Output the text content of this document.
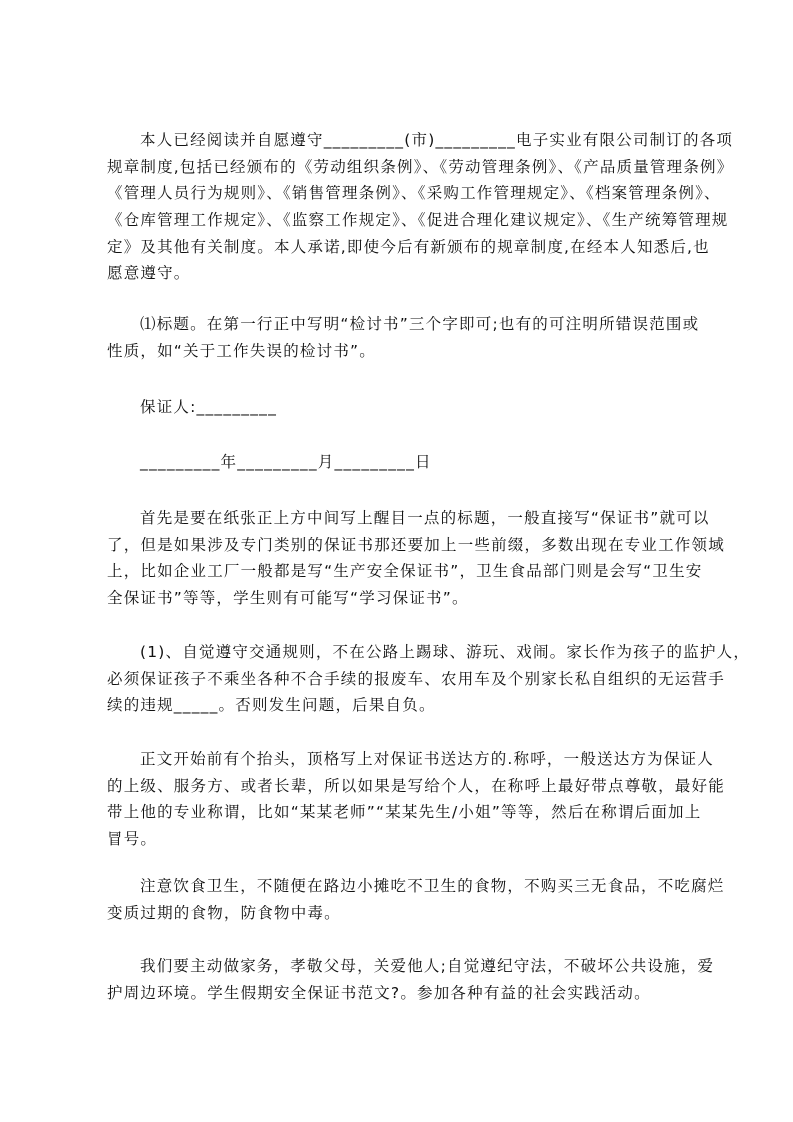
本人已经阅读并自愿遵守_________(市)_________电子实业有限公司制订的各项
规章制度,包括已经颁布的《劳动组织条例》、《劳动管理条例》、《产品质量管理条例》
《管理人员行为规则》、《销售管理条例》、《采购工作管理规定》、《档案管理条例》、
《仓库管理工作规定》、《监察工作规定》、《促进合理化建议规定》、《生产统筹管理规
定》及其他有关制度。本人承诺,即使今后有新颁布的规章制度,在经本人知悉后,也
愿意遵守。
⑴标题。在第一行正中写明“检讨书”三个字即可;也有的可注明所错误范围或
性质，如“关于工作失误的检讨书”。
保证人:_________
_________年_________月_________日
首先是要在纸张正上方中间写上醒目一点的标题，一般直接写“保证书”就可以
了，但是如果涉及专门类别的保证书那还要加上一些前缀，多数出现在专业工作领域
上，比如企业工厂一般都是写“生产安全保证书”，卫生食品部门则是会写“卫生安
全保证书”等等，学生则有可能写“学习保证书”。
(1)、自觉遵守交通规则，不在公路上踢球、游玩、戏闹。家长作为孩子的监护人，
必须保证孩子不乘坐各种不合手续的报废车、农用车及个别家长私自组织的无运营手
续的违规_____。否则发生问题，后果自负。
正文开始前有个抬头，顶格写上对保证书送达方的.称呼，一般送达方为保证人
的上级、服务方、或者长辈，所以如果是写给个人，在称呼上最好带点尊敬，最好能
带上他的专业称谓，比如“某某老师”“某某先生/小姐”等等，然后在称谓后面加上
冒号。
注意饮食卫生，不随便在路边小摊吃不卫生的食物，不购买三无食品，不吃腐烂
变质过期的食物，防食物中毒。
我们要主动做家务，孝敬父母，关爱他人;自觉遵纪守法，不破坏公共设施，爱
护周边环境。学生假期安全保证书范文?。参加各种有益的社会实践活动。
